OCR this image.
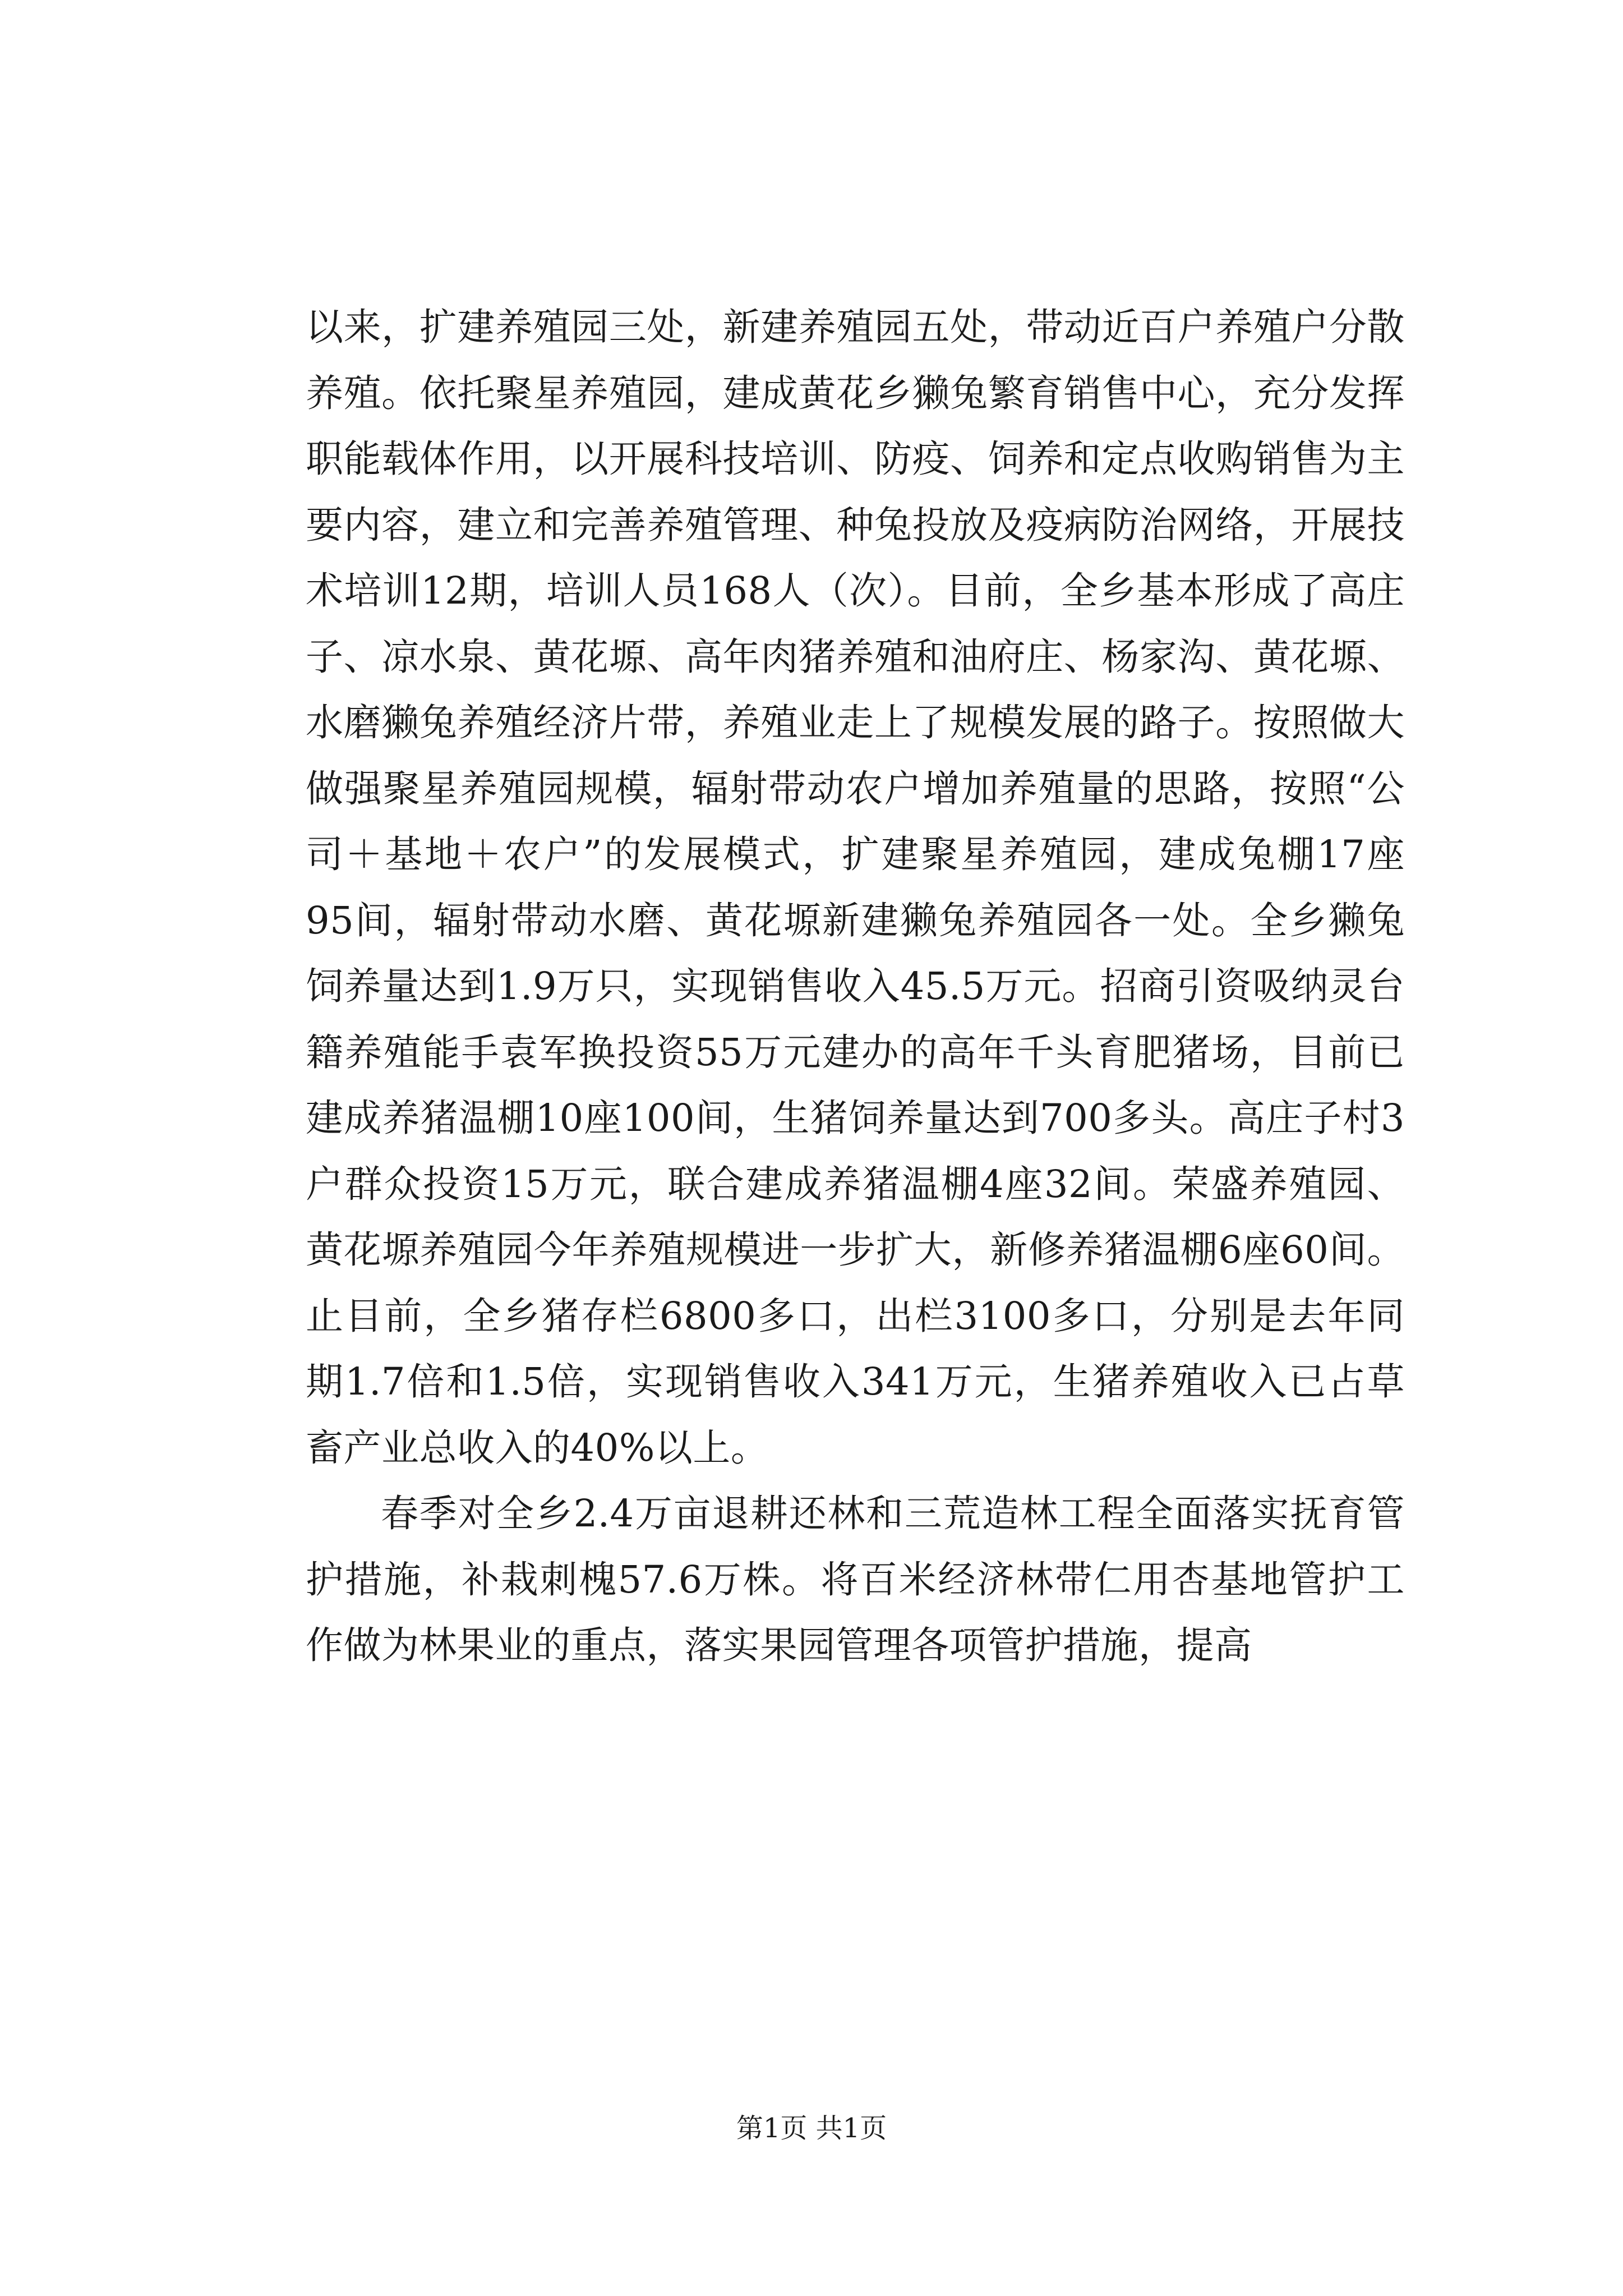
以来，扩建养殖园三处，新建养殖园五处，带动近百户养殖户分散养殖。依托聚星养殖园，建成黄花乡獭兔繁育销售中心，充分发挥职能载体作用，以开展科技培训、防疫、饲养和定点收购销售为主要内容，建立和完善养殖管理、种兔投放及疫病防治网络，开展技术培训12期，培训人员168人（次）。目前，全乡基本形成了高庄子、凉水泉、黄花塬、高年肉猪养殖和油府庄、杨家沟、黄花塬、水磨獭兔养殖经济片带，养殖业走上了规模发展的路子。按照做大做强聚星养殖园规模，辐射带动农户增加养殖量的思路，按照“公司＋基地＋农户”的发展模式，扩建聚星养殖园，建成兔棚17座95间，辐射带动水磨、黄花塬新建獭兔养殖园各一处。全乡獭兔饲养量达到1.9万只，实现销售收入45.5万元。招商引资吸纳灵台籍养殖能手袁军换投资55万元建办的高年千头育肥猪场，目前已建成养猪温棚10座100间，生猪饲养量达到700多头。高庄子村3户群众投资15万元，联合建成养猪温棚4座32间。荣盛养殖园、黄花塬养殖园今年养殖规模进一步扩大，新修养猪温棚6座60间。止目前，全乡猪存栏6800多口，出栏3100多口，分别是去年同期1.7倍和1.5倍，实现销售收入341万元，生猪养殖收入已占草畜产业总收入的40%以上。

春季对全乡2.4万亩退耕还林和三荒造林工程全面落实抚育管护措施，补栽刺槐57.6万株。将百米经济林带仁用杏基地管护工作做为林果业的重点，落实果园管理各项管护措施，提高

第1页 共1页
